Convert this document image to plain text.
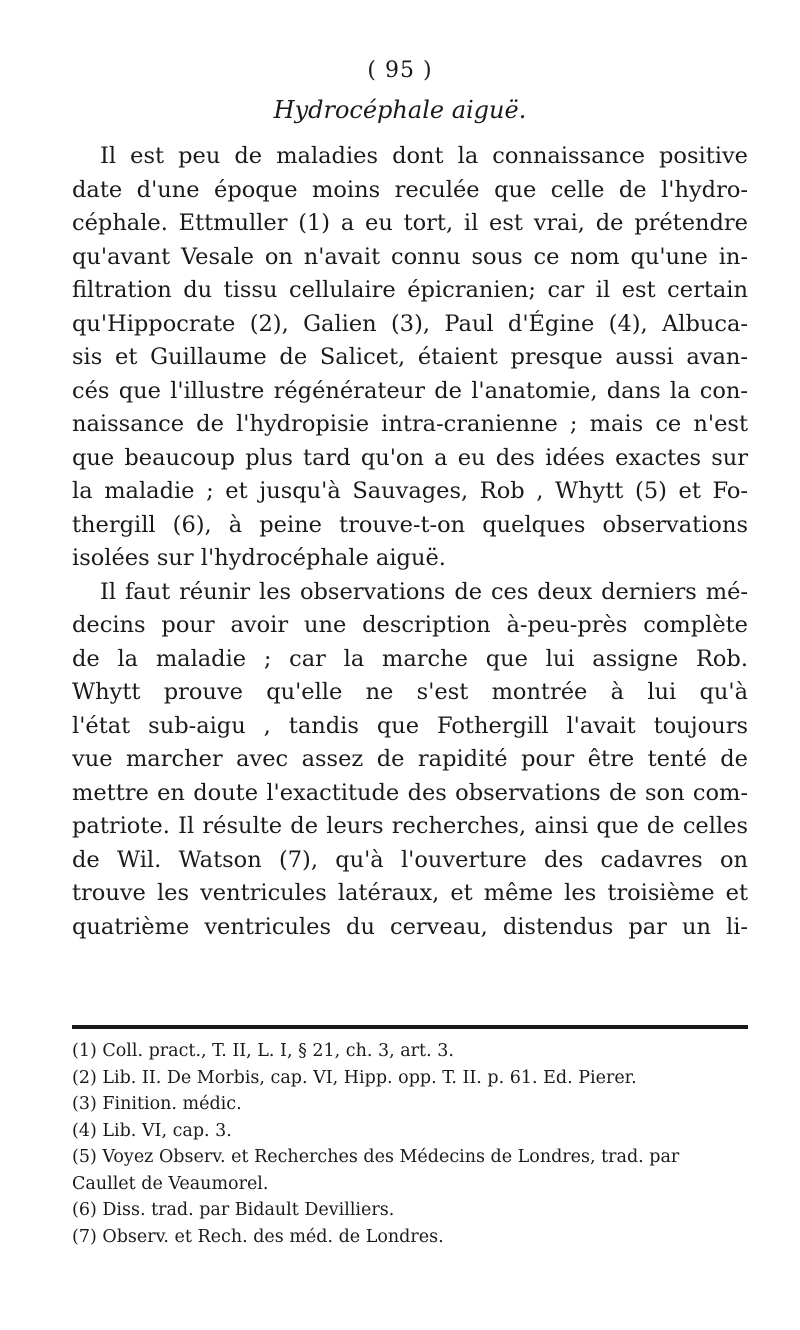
( 95 )
Hydrocéphale aiguë.
Il est peu de maladies dont la connaissance positive
date d'une époque moins reculée que celle de l'hydro-
céphale. Ettmuller (1) a eu tort, il est vrai, de prétendre
qu'avant Vesale on n'avait connu sous ce nom qu'une in-
filtration du tissu cellulaire épicranien; car il est certain
qu'Hippocrate (2), Galien (3), Paul d'Égine (4), Albuca-
sis et Guillaume de Salicet, étaient presque aussi avan-
cés que l'illustre régénérateur de l'anatomie, dans la con-
naissance de l'hydropisie intra-cranienne ; mais ce n'est
que beaucoup plus tard qu'on a eu des idées exactes sur
la maladie ; et jusqu'à Sauvages, Rob , Whytt (5) et Fo-
thergill (6), à peine trouve-t-on quelques observations
isolées sur l'hydrocéphale aiguë.
Il faut réunir les observations de ces deux derniers mé-
decins pour avoir une description à-peu-près complète
de la maladie ; car la marche que lui assigne Rob.
Whytt prouve qu'elle ne s'est montrée à lui qu'à
l'état sub-aigu , tandis que Fothergill l'avait toujours
vue marcher avec assez de rapidité pour être tenté de
mettre en doute l'exactitude des observations de son com-
patriote. Il résulte de leurs recherches, ainsi que de celles
de Wil. Watson (7), qu'à l'ouverture des cadavres on
trouve les ventricules latéraux, et même les troisième et
quatrième ventricules du cerveau, distendus par un li-
(1) Coll. pract., T. II, L. I, § 21, ch. 3, art. 3.
(2) Lib. II. De Morbis, cap. VI, Hipp. opp. T. II. p. 61. Ed. Pierer.
(3) Finition. médic.
(4) Lib. VI, cap. 3.
(5) Voyez Observ. et Recherches des Médecins de Londres, trad. par
Caullet de Veaumorel.
(6) Diss. trad. par Bidault Devilliers.
(7) Observ. et Rech. des méd. de Londres.
